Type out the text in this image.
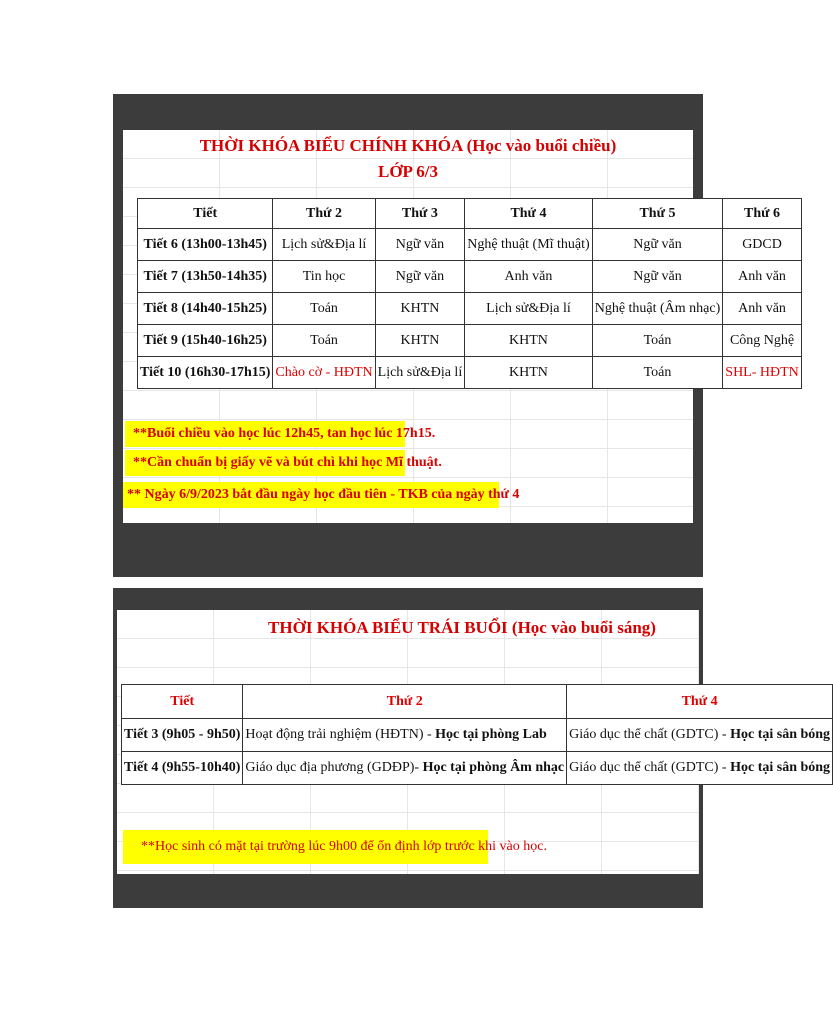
THỜI KHÓA BIỂU CHÍNH KHÓA (Học vào buổi chiều)
LỚP 6/3
Tiết	Thứ 2	Thứ 3	Thứ 4	Thứ 5	Thứ 6
Tiết 6 (13h00-13h45)	Lịch sử&Địa lí	Ngữ văn	Nghệ thuật (Mĩ thuật)	Ngữ văn	GDCD
Tiết 7 (13h50-14h35)	Tin học	Ngữ văn	Anh văn	Ngữ văn	Anh văn
Tiết 8 (14h40-15h25)	Toán	KHTN	Lịch sử&Địa lí	Nghệ thuật (Âm nhạc)	Anh văn
Tiết 9 (15h40-16h25)	Toán	KHTN	KHTN	Toán	Công Nghệ
Tiết 10 (16h30-17h15)	Chào cờ - HĐTN	Lịch sử&Địa lí	KHTN	Toán	SHL- HĐTN
**Buổi chiều vào học lúc 12h45, tan học lúc 17h15.
**Cần chuẩn bị giấy vẽ và bút chì khi học Mĩ thuật.
** Ngày 6/9/2023 bắt đầu ngày học đầu tiên - TKB của ngày thứ 4
THỜI KHÓA BIỂU TRÁI BUỔI (Học vào buổi sáng)
Tiết	Thứ 2	Thứ 4
Tiết 3 (9h05 - 9h50)	Hoạt động trải nghiệm (HĐTN) - Học tại phòng Lab	Giáo dục thể chất (GDTC) - Học tại sân bóng
Tiết 4 (9h55-10h40)	Giáo dục địa phương (GDĐP)- Học tại phòng Âm nhạc	Giáo dục thể chất (GDTC) - Học tại sân bóng
**Học sinh có mặt tại trường lúc 9h00 để ổn định lớp trước khi vào học.
